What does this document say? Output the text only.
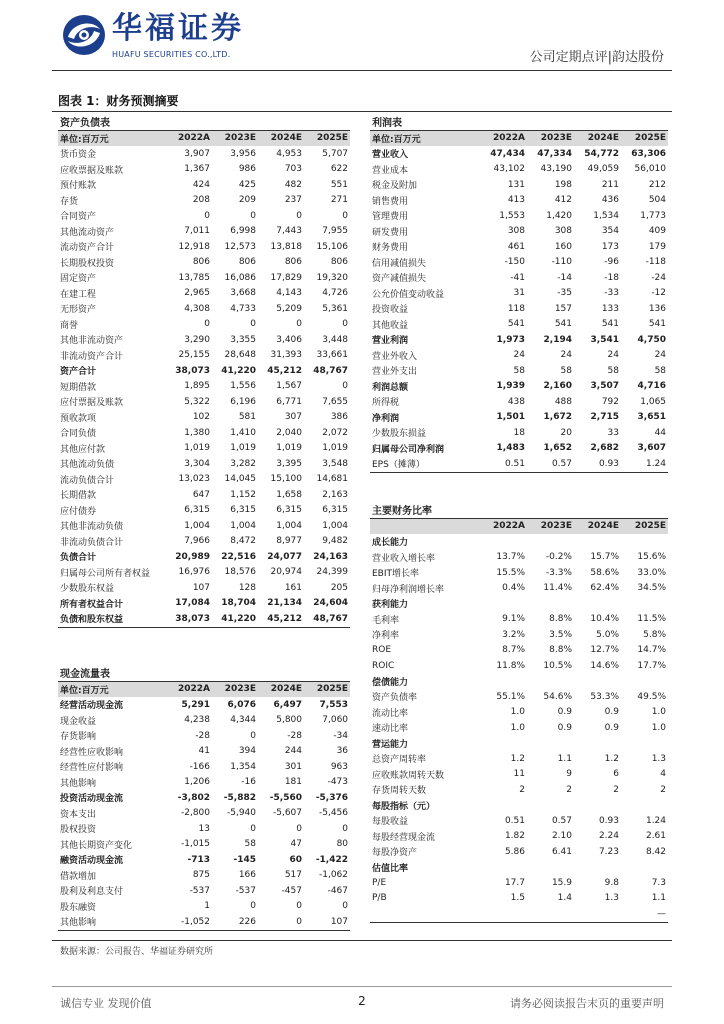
华福证券
HUAFU SECURITIES CO.,LTD.	公司定期点评|韵达股份
图表 1：财务预测摘要
资产负债表				
单位:百万元	2022A	2023E	2024E	2025E
货币资金	3,907	3,956	4,953	5,707
应收票据及账款	1,367	986	703	622
预付账款	424	425	482	551
存货	208	209	237	271
合同资产	0	0	0	0
其他流动资产	7,011	6,998	7,443	7,955
流动资产合计	12,918	12,573	13,818	15,106
长期股权投资	806	806	806	806
固定资产	13,785	16,086	17,829	19,320
在建工程	2,965	3,668	4,143	4,726
无形资产	4,308	4,733	5,209	5,361
商誉	0	0	0	0
其他非流动资产	3,290	3,355	3,406	3,448
非流动资产合计	25,155	28,648	31,393	33,661
资产合计	38,073	41,220	45,212	48,767
短期借款	1,895	1,556	1,567	0
应付票据及账款	5,322	6,196	6,771	7,655
预收款项	102	581	307	386
合同负债	1,380	1,410	2,040	2,072
其他应付款	1,019	1,019	1,019	1,019
其他流动负债	3,304	3,282	3,395	3,548
流动负债合计	13,023	14,045	15,100	14,681
长期借款	647	1,152	1,658	2,163
应付债券	6,315	6,315	6,315	6,315
其他非流动负债	1,004	1,004	1,004	1,004
非流动负债合计	7,966	8,472	8,977	9,482
负债合计	20,989	22,516	24,077	24,163
归属母公司所有者权益	16,976	18,576	20,974	24,399
少数股东权益	107	128	161	205
所有者权益合计	17,084	18,704	21,134	24,604
负债和股东权益	38,073	41,220	45,212	48,767
利润表				
单位:百万元	2022A	2023E	2024E	2025E
营业收入	47,434	47,334	54,772	63,306
营业成本	43,102	43,190	49,059	56,010
税金及附加	131	198	211	212
销售费用	413	412	436	504
管理费用	1,553	1,420	1,534	1,773
研发费用	308	308	354	409
财务费用	461	160	173	179
信用减值损失	-150	-110	-96	-118
资产减值损失	-41	-14	-18	-24
公允价值变动收益	31	-35	-33	-12
投资收益	118	157	133	136
其他收益	541	541	541	541
营业利润	1,973	2,194	3,541	4,750
营业外收入	24	24	24	24
营业外支出	58	58	58	58
利润总额	1,939	2,160	3,507	4,716
所得税	438	488	792	1,065
净利润	1,501	1,672	2,715	3,651
少数股东损益	18	20	33	44
归属母公司净利润	1,483	1,652	2,682	3,607
EPS（摊薄）	0.51	0.57	0.93	1.24
主要财务比率				
	2022A	2023E	2024E	2025E
成长能力				
营业收入增长率	13.7%	-0.2%	15.7%	15.6%
EBIT增长率	15.5%	-3.3%	58.6%	33.0%
归母净利润增长率	0.4%	11.4%	62.4%	34.5%
获利能力				
毛利率	9.1%	8.8%	10.4%	11.5%
净利率	3.2%	3.5%	5.0%	5.8%
ROE	8.7%	8.8%	12.7%	14.7%
ROIC	11.8%	10.5%	14.6%	17.7%
偿债能力				
资产负债率	55.1%	54.6%	53.3%	49.5%
流动比率	1.0	0.9	0.9	1.0
速动比率	1.0	0.9	0.9	1.0
营运能力				
总资产周转率	1.2	1.1	1.2	1.3
应收账款周转天数	11	9	6	4
存货周转天数	2	2	2	2
每股指标（元）				
每股收益	0.51	0.57	0.93	1.24
每股经营现金流	1.82	2.10	2.24	2.61
每股净资产	5.86	6.41	7.23	8.42
估值比率				
P/E	17.7	15.9	9.8	7.3
P/B	1.5	1.4	1.3	1.1
				—
现金流量表				
单位:百万元	2022A	2023E	2024E	2025E
经营活动现金流	5,291	6,076	6,497	7,553
现金收益	4,238	4,344	5,800	7,060
存货影响	-28	0	-28	-34
经营性应收影响	41	394	244	36
经营性应付影响	-166	1,354	301	963
其他影响	1,206	-16	181	-473
投资活动现金流	-3,802	-5,882	-5,560	-5,376
资本支出	-2,800	-5,940	-5,607	-5,456
股权投资	13	0	0	0
其他长期资产变化	-1,015	58	47	80
融资活动现金流	-713	-145	60	-1,422
借款增加	875	166	517	-1,062
股利及利息支付	-537	-537	-457	-467
股东融资	1	0	0	0
其他影响	-1,052	226	0	107
数据来源：公司报告、华福证券研究所
诚信专业 发现价值	2	请务必阅读报告末页的重要声明
